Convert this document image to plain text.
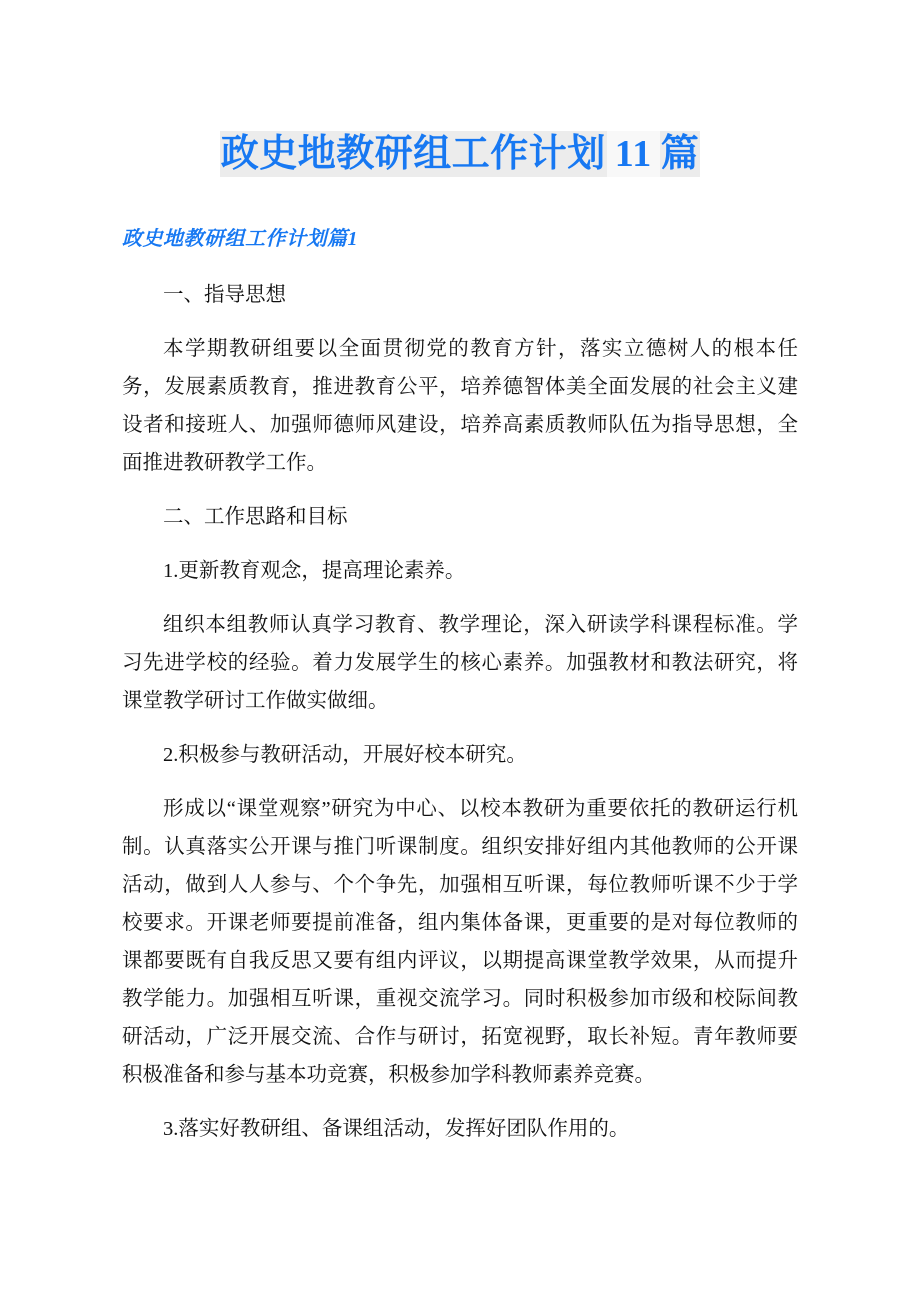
政史地教研组工作计划 11 篇
政史地教研组工作计划篇1

一、指导思想

本学期教研组要以全面贯彻党的教育方针，落实立德树人的根本任务，发展素质教育，推进教育公平，培养德智体美全面发展的社会主义建设者和接班人、加强师德师风建设，培养高素质教师队伍为指导思想，全面推进教研教学工作。

二、工作思路和目标

1.更新教育观念，提高理论素养。

组织本组教师认真学习教育、教学理论，深入研读学科课程标准。学习先进学校的经验。着力发展学生的核心素养。加强教材和教法研究，将课堂教学研讨工作做实做细。

2.积极参与教研活动，开展好校本研究。

形成以“课堂观察”研究为中心、以校本教研为重要依托的教研运行机制。认真落实公开课与推门听课制度。组织安排好组内其他教师的公开课活动，做到人人参与、个个争先，加强相互听课，每位教师听课不少于学校要求。开课老师要提前准备，组内集体备课，更重要的是对每位教师的课都要既有自我反思又要有组内评议，以期提高课堂教学效果，从而提升教学能力。加强相互听课，重视交流学习。同时积极参加市级和校际间教研活动，广泛开展交流、合作与研讨，拓宽视野，取长补短。青年教师要积极准备和参与基本功竞赛，积极参加学科教师素养竞赛。

3.落实好教研组、备课组活动，发挥好团队作用的。
